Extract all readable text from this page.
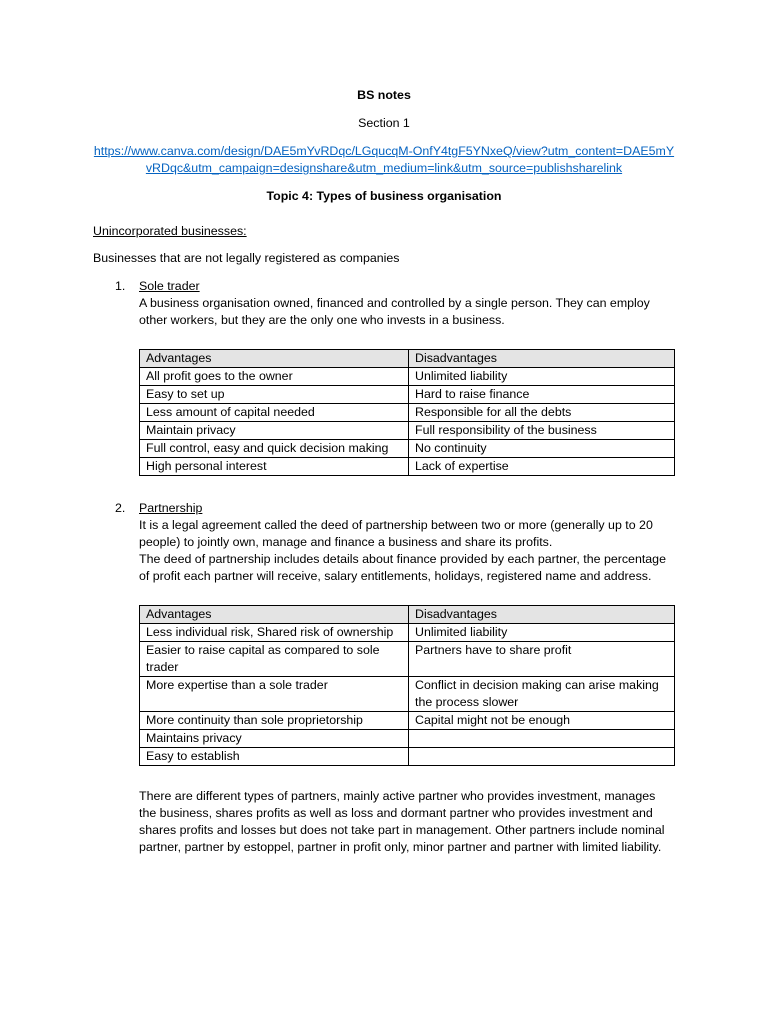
BS notes
Section 1
https://www.canva.com/design/DAE5mYvRDqc/LGqucqM-OnfY4tgF5YNxeQ/view?utm_content=DAE5mYvRDqc&utm_campaign=designshare&utm_medium=link&utm_source=publishsharelink
Topic 4: Types of business organisation
Unincorporated businesses:
Businesses that are not legally registered as companies
1. Sole trader

A business organisation owned, financed and controlled by a single person. They can employ other workers, but they are the only one who invests in a business.

Advantages	Disadvantages
All profit goes to the owner	Unlimited liability
Easy to set up	Hard to raise finance
Less amount of capital needed	Responsible for all the debts
Maintain privacy	Full responsibility of the business
Full control, easy and quick decision making	No continuity
High personal interest	Lack of expertise
2. Partnership

It is a legal agreement called the deed of partnership between two or more (generally up to 20 people) to jointly own, manage and finance a business and share its profits.

The deed of partnership includes details about finance provided by each partner, the percentage of profit each partner will receive, salary entitlements, holidays, registered name and address.

Advantages	Disadvantages
Less individual risk, Shared risk of ownership	Unlimited liability
Easier to raise capital as compared to sole trader	Partners have to share profit
More expertise than a sole trader	Conflict in decision making can arise making the process slower
More continuity than sole proprietorship	Capital might not be enough
Maintains privacy	
Easy to establish	

There are different types of partners, mainly active partner who provides investment, manages the business, shares profits as well as loss and dormant partner who provides investment and shares profits and losses but does not take part in management. Other partners include nominal partner, partner by estoppel, partner in profit only, minor partner and partner with limited liability.
